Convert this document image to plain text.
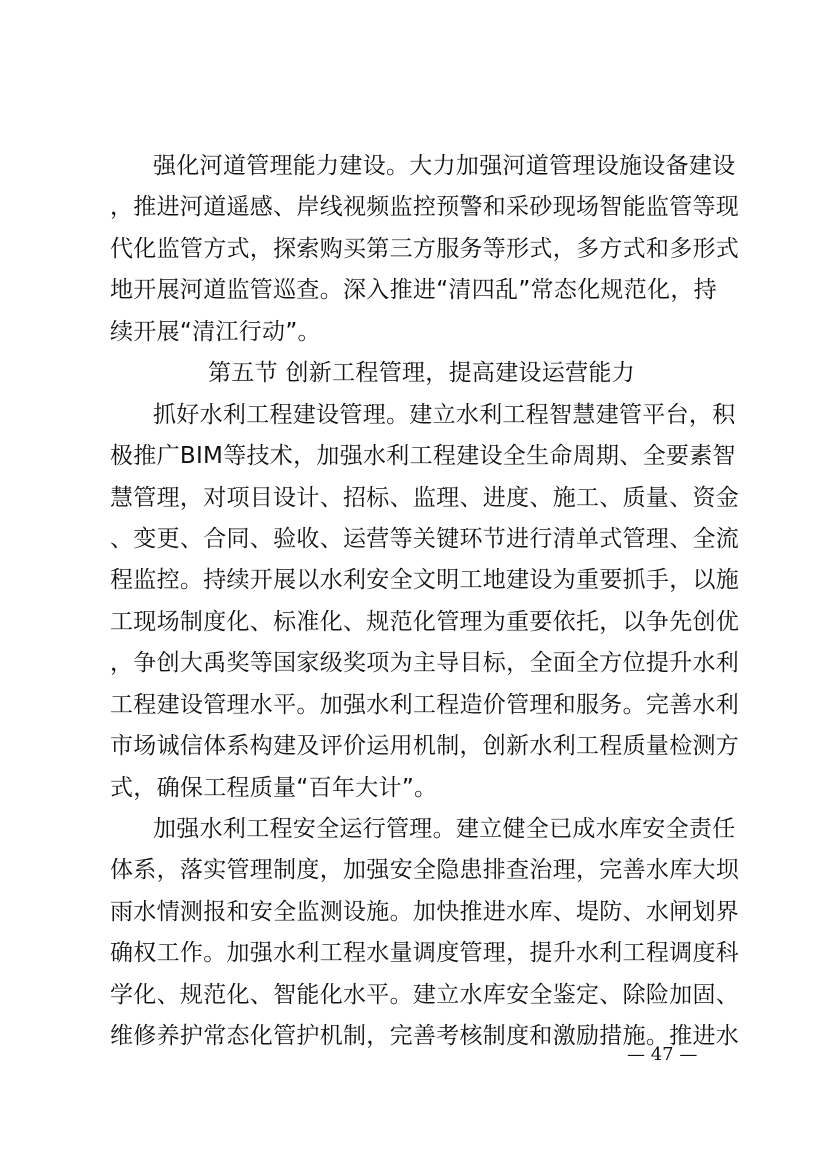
强化河道管理能力建设。大力加强河道管理设施设备建设
，推进河道遥感、岸线视频监控预警和采砂现场智能监管等现
代化监管方式，探索购买第三方服务等形式，多方式和多形式
地开展河道监管巡查。深入推进“清四乱”常态化规范化，持
续开展“清江行动”。
第五节 创新工程管理，提高建设运营能力
抓好水利工程建设管理。建立水利工程智慧建管平台，积
极推广BIM等技术，加强水利工程建设全生命周期、全要素智
慧管理，对项目设计、招标、监理、进度、施工、质量、资金
、变更、合同、验收、运营等关键环节进行清单式管理、全流
程监控。持续开展以水利安全文明工地建设为重要抓手，以施
工现场制度化、标准化、规范化管理为重要依托，以争先创优
，争创大禹奖等国家级奖项为主导目标，全面全方位提升水利
工程建设管理水平。加强水利工程造价管理和服务。完善水利
市场诚信体系构建及评价运用机制，创新水利工程质量检测方
式，确保工程质量“百年大计”。
加强水利工程安全运行管理。建立健全已成水库安全责任
体系，落实管理制度，加强安全隐患排查治理，完善水库大坝
雨水情测报和安全监测设施。加快推进水库、堤防、水闸划界
确权工作。加强水利工程水量调度管理，提升水利工程调度科
学化、规范化、智能化水平。建立水库安全鉴定、除险加固、
维修养护常态化管护机制，完善考核制度和激励措施。推进水
— 47 —
